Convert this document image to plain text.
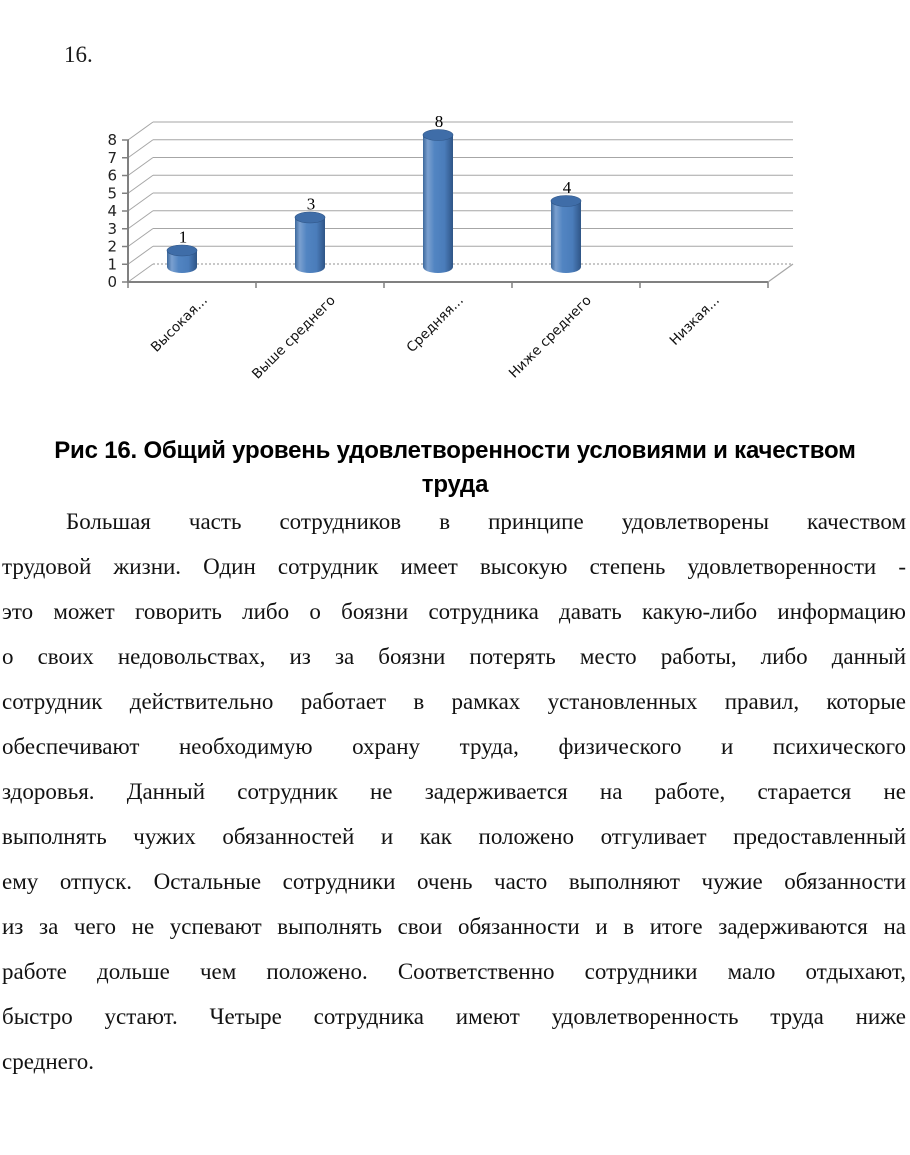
16.
0
1
2
3
4
5
6
7
8
1
3
8
4
Высокая...	Выше среднего	Средняя...	Ниже среднего	Низкая...
Рис 16. Общий уровень удовлетворенности условиями и качеством труда
Большая часть сотрудников в принципе удовлетворены качеством
трудовой жизни. Один сотрудник имеет высокую степень удовлетворенности -
это может говорить либо о боязни сотрудника давать какую-либо информацию
о своих недовольствах, из за боязни потерять место работы, либо данный
сотрудник действительно работает в рамках установленных правил, которые
обеспечивают необходимую охрану труда, физического и психического
здоровья. Данный сотрудник не задерживается на работе, старается не
выполнять чужих обязанностей и как положено отгуливает предоставленный
ему отпуск. Остальные сотрудники очень часто выполняют чужие обязанности
из за чего не успевают выполнять свои обязанности и в итоге задерживаются на
работе дольше чем положено. Соответственно сотрудники мало отдыхают,
быстро устают. Четыре сотрудника имеют удовлетворенность труда ниже
среднего.
